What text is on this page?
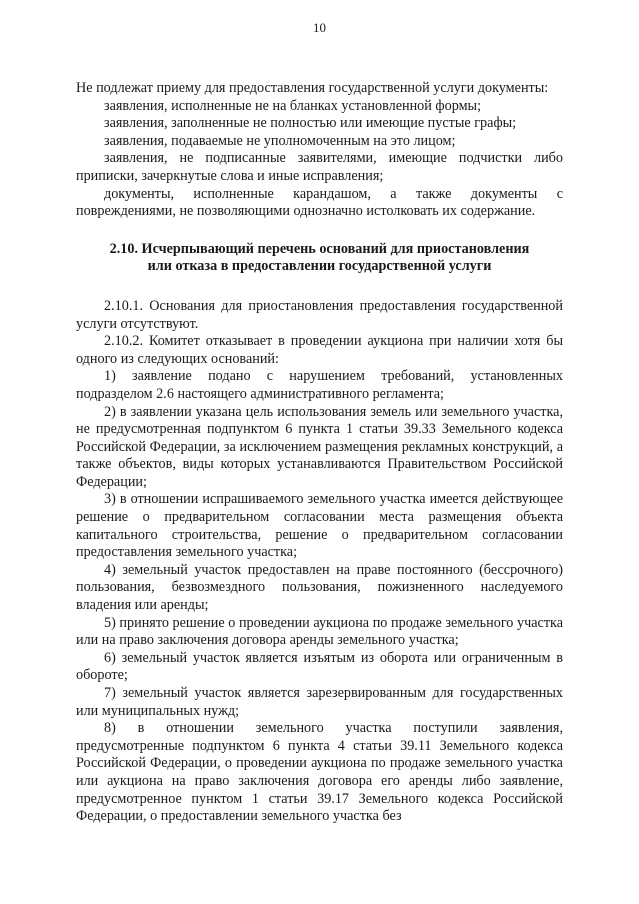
10

Не подлежат приему для предоставления государственной услуги документы:

заявления, исполненные не на бланках установленной формы;

заявления, заполненные не полностью или имеющие пустые графы;

заявления, подаваемые не уполномоченным на это лицом;

заявления, не подписанные заявителями, имеющие подчистки либо приписки, зачеркнутые слова и иные исправления;

документы, исполненные карандашом, а также документы с повреждениями, не позволяющими однозначно истолковать их содержание.

2.10. Исчерпывающий перечень оснований для приостановления
или отказа в предоставлении государственной услуги

2.10.1. Основания для приостановления предоставления государственной услуги отсутствуют.

2.10.2. Комитет отказывает в проведении аукциона при наличии хотя бы одного из следующих оснований:

1) заявление подано с нарушением требований, установленных подразделом 2.6 настоящего административного регламента;

2) в заявлении указана цель использования земель или земельного участка, не предусмотренная подпунктом 6 пункта 1 статьи 39.33 Земельного кодекса Российской Федерации, за исключением размещения рекламных конструкций, а также объектов, виды которых устанавливаются Правительством Российской Федерации;

3) в отношении испрашиваемого земельного участка имеется действующее решение о предварительном согласовании места размещения объекта капитального строительства, решение о предварительном согласовании предоставления земельного участка;

4) земельный участок предоставлен на праве постоянного (бессрочного) пользования, безвозмездного пользования, пожизненного наследуемого владения или аренды;

5) принято решение о проведении аукциона по продаже земельного участка или на право заключения договора аренды земельного участка;

6) земельный участок является изъятым из оборота или ограниченным в обороте;

7) земельный участок является зарезервированным для государственных или муниципальных нужд;

8) в отношении земельного участка поступили заявления, предусмотренные подпунктом 6 пункта 4 статьи 39.11 Земельного кодекса Российской Федерации, о проведении аукциона по продаже земельного участка или аукциона на право заключения договора его аренды либо заявление, предусмотренное пунктом 1 статьи 39.17 Земельного кодекса Российской Федерации, о предоставлении земельного участка без
